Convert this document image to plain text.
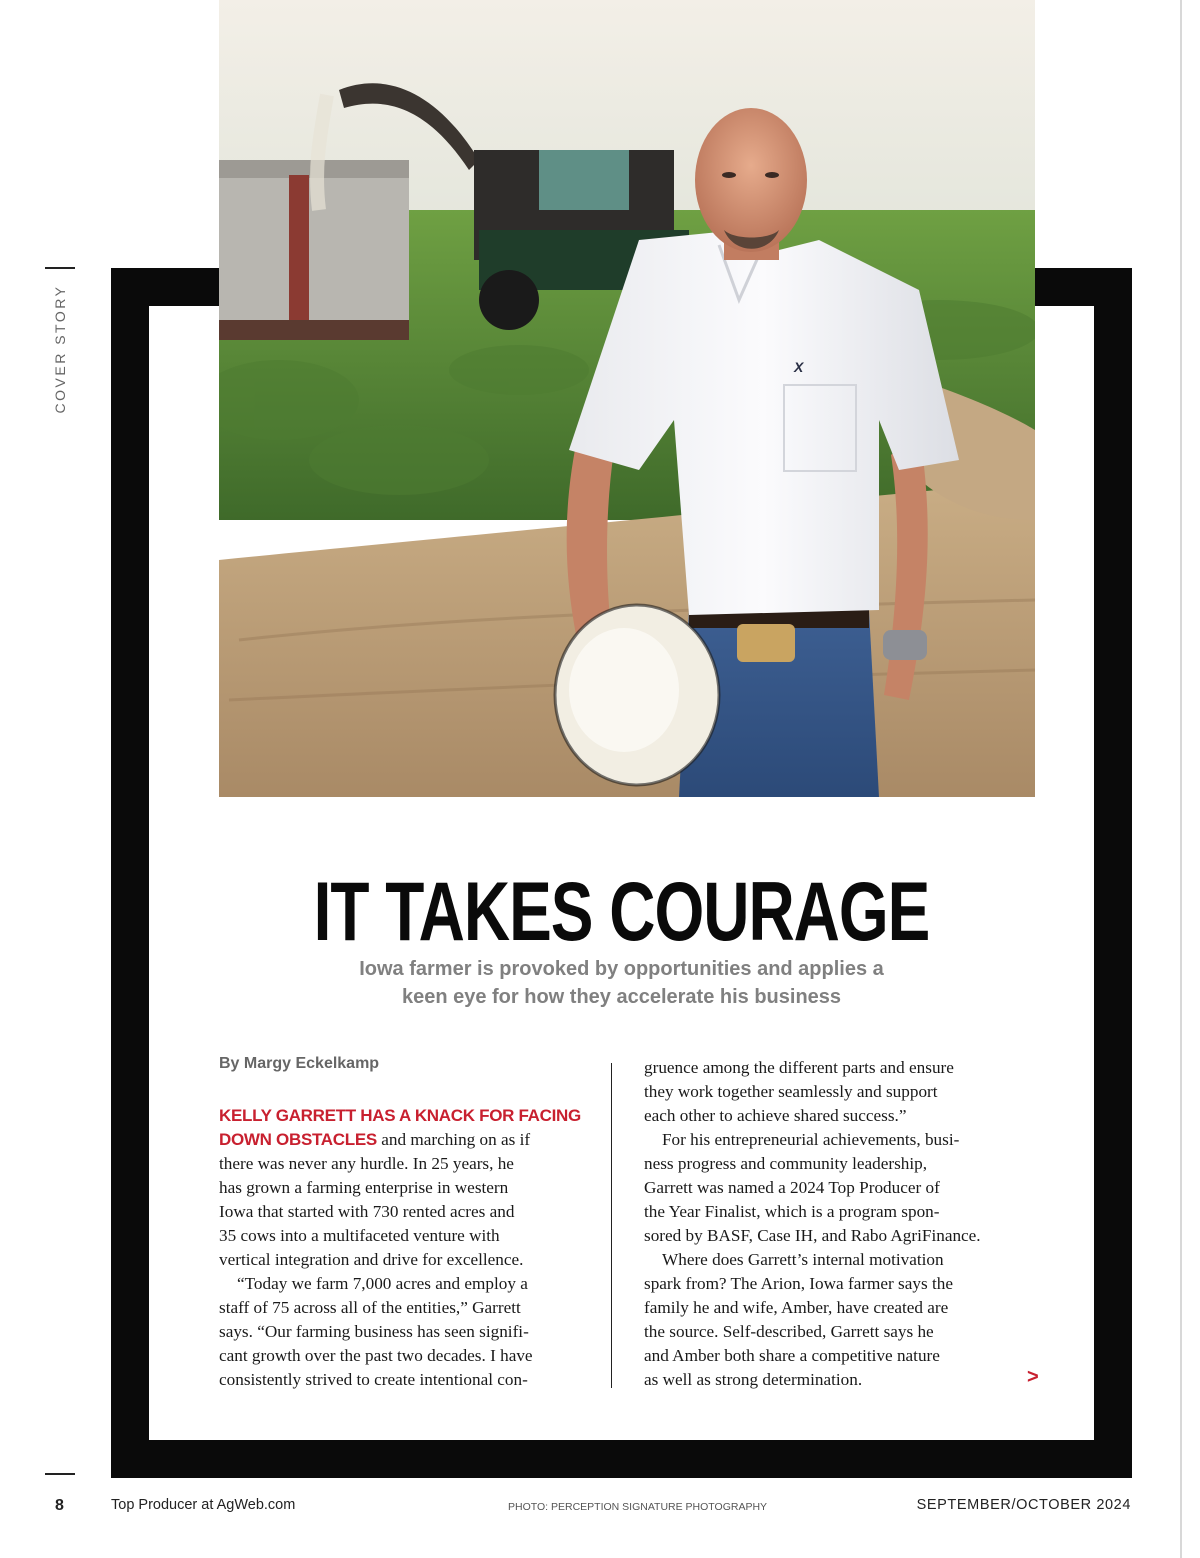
COVER STORY	X
IT TAKES COURAGE
Iowa farmer is provoked by opportunities and applies a
keen eye for how they accelerate his business
By Margy Eckelkamp
KELLY GARRETT HAS A KNACK FOR FACING
DOWN OBSTACLES and marching on as if
there was never any hurdle. In 25 years, he
has grown a farming enterprise in western
Iowa that started with 730 rented acres and
35 cows into a multifaceted venture with
vertical integration and drive for excellence.
“Today we farm 7,000 acres and employ a
staff of 75 across all of the entities,” Garrett
says. “Our farming business has seen signifi-
cant growth over the past two decades. I have
consistently strived to create intentional con-
gruence among the different parts and ensure
they work together seamlessly and support
each other to achieve shared success.”
For his entrepreneurial achievements, busi-
ness progress and community leadership,
Garrett was named a 2024 Top Producer of
the Year Finalist, which is a program spon-
sored by BASF, Case IH, and Rabo AgriFinance.
Where does Garrett’s internal motivation
spark from? The Arion, Iowa farmer says the
family he and wife, Amber, have created are
the source. Self-described, Garrett says he
and Amber both share a competitive nature
as well as strong determination.	>
8	Top Producer at AgWeb.com	PHOTO: PERCEPTION SIGNATURE PHOTOGRAPHY	SEPTEMBER/OCTOBER 2024
